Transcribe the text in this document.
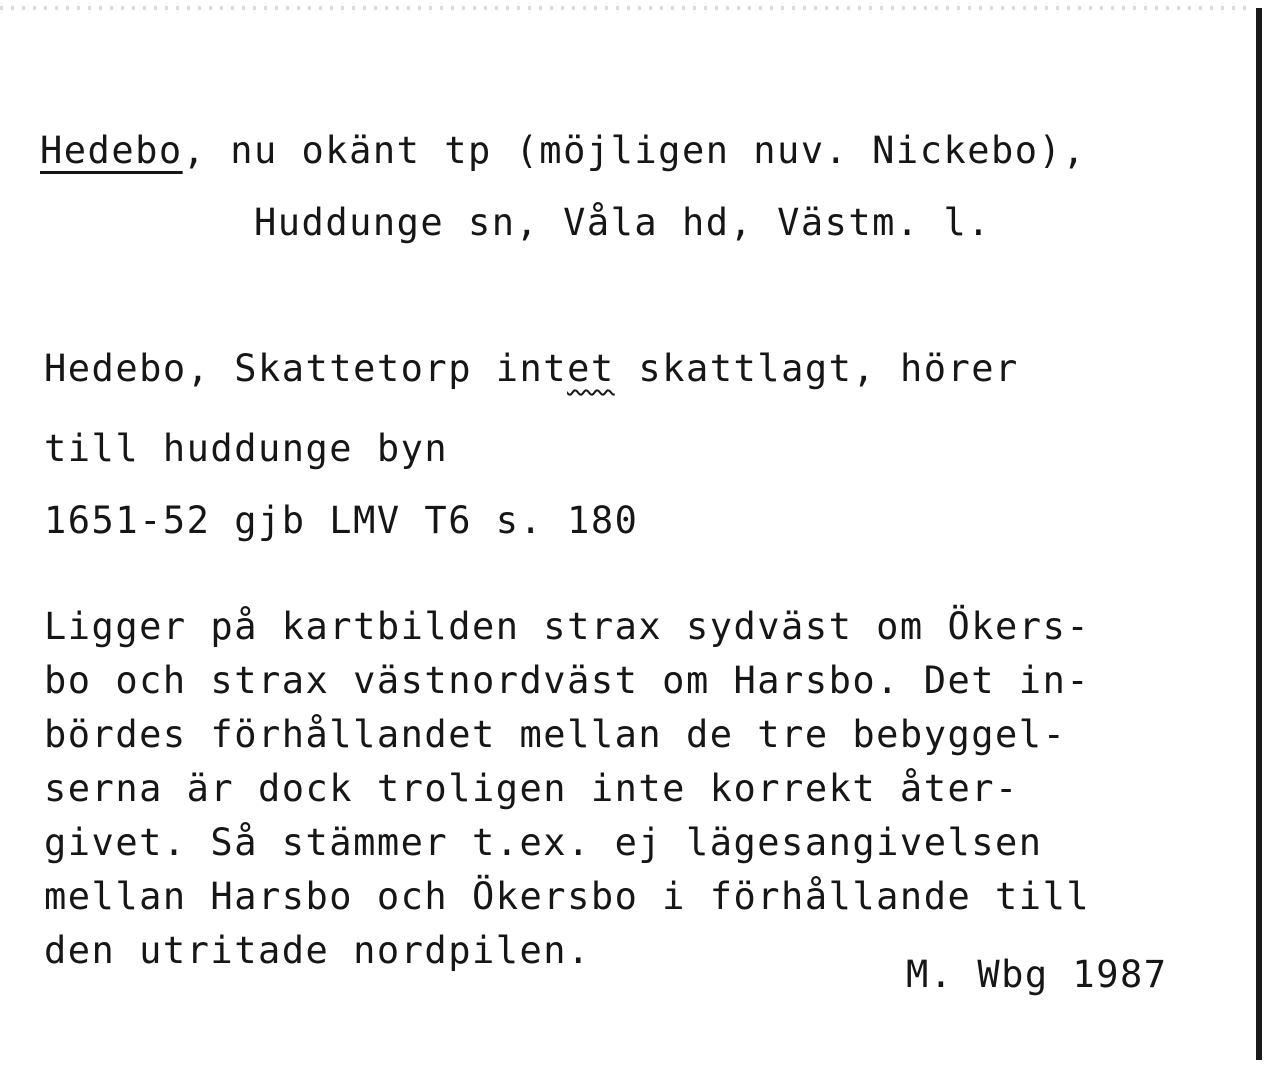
Hedebo, nu okänt tp (möjligen nuv. Nickebo),

Huddunge sn, Våla hd, Västm. l.

Hedebo, Skattetorp intet skattlagt, hörer

till huddunge byn

1651-52 gjb LMV T6 s. 180

Ligger på kartbilden strax sydväst om Ökers-
bo och strax västnordväst om Harsbo. Det in-
bördes förhållandet mellan de tre bebyggel-
serna är dock troligen inte korrekt åter-
givet. Så stämmer t.ex. ej lägesangivelsen
mellan Harsbo och Ökersbo i förhållande till
den utritade nordpilen.

M. Wbg 1987
